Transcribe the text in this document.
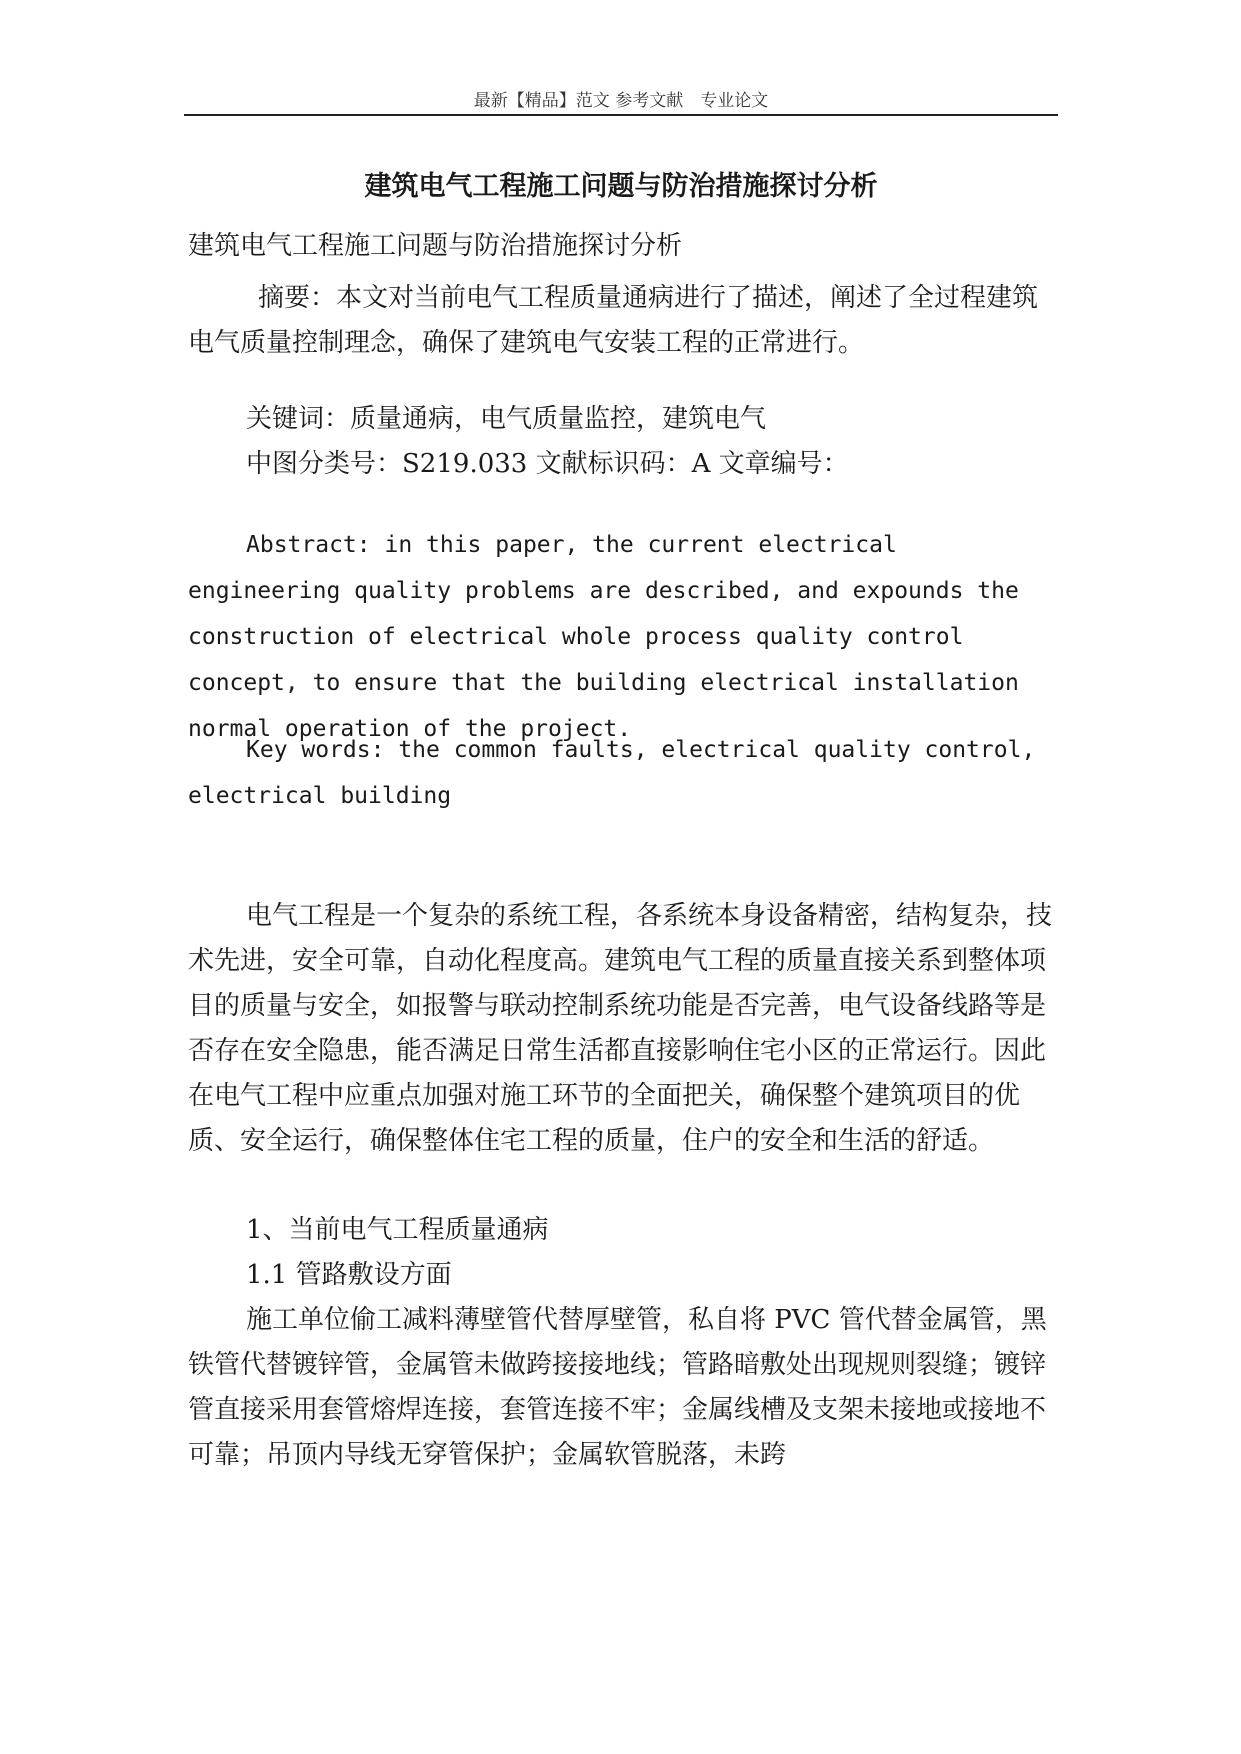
最新【精品】范文 参考文献　专业论文
建筑电气工程施工问题与防治措施探讨分析
建筑电气工程施工问题与防治措施探讨分析
摘要：本文对当前电气工程质量通病进行了描述，阐述了全过程建筑电气质量控制理念，确保了建筑电气安装工程的正常进行。
关键词：质量通病，电气质量监控，建筑电气
中图分类号：S219.033 文献标识码：A 文章编号：
Abstract: in this paper, the current electrical engineering quality problems are described, and expounds the construction of electrical whole process quality control concept, to ensure that the building electrical installation normal operation of the project.
Key words: the common faults, electrical quality control, electrical building
电气工程是一个复杂的系统工程，各系统本身设备精密，结构复杂，技术先进，安全可靠，自动化程度高。建筑电气工程的质量直接关系到整体项目的质量与安全，如报警与联动控制系统功能是否完善，电气设备线路等是否存在安全隐患，能否满足日常生活都直接影响住宅小区的正常运行。因此在电气工程中应重点加强对施工环节的全面把关，确保整个建筑项目的优质、安全运行，确保整体住宅工程的质量，住户的安全和生活的舒适。
1、当前电气工程质量通病
1.1 管路敷设方面
施工单位偷工减料薄壁管代替厚壁管，私自将 PVC 管代替金属管，黑铁管代替镀锌管，金属管未做跨接接地线；管路暗敷处出现规则裂缝；镀锌管直接采用套管熔焊连接，套管连接不牢；金属线槽及支架未接地或接地不可靠；吊顶内导线无穿管保护；金属软管脱落，未跨
